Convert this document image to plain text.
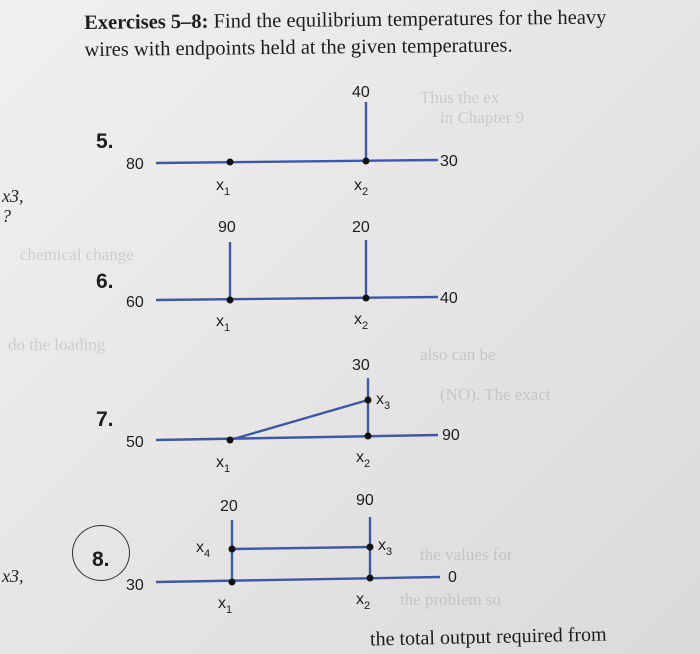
Thus the ex
in Chapter 9
chemical change
do the loading
also can be
(NO). The exact
the values for
the problem so
Exercises 5–8: Find the equilibrium temperatures for the heavy
wires with endpoints held at the given temperatures.
x3,
?
x3,
5.
6.
7.
8.
40
80	30
$x_1$	$x_2$
90	20
60	40
$x_1$	$x_2$
30
50	90
$x_1$
$x_2$
$x_3$
20	90
30	0
$x_1$
$x_2$
$x_3$
$x_4$
the total output required from
